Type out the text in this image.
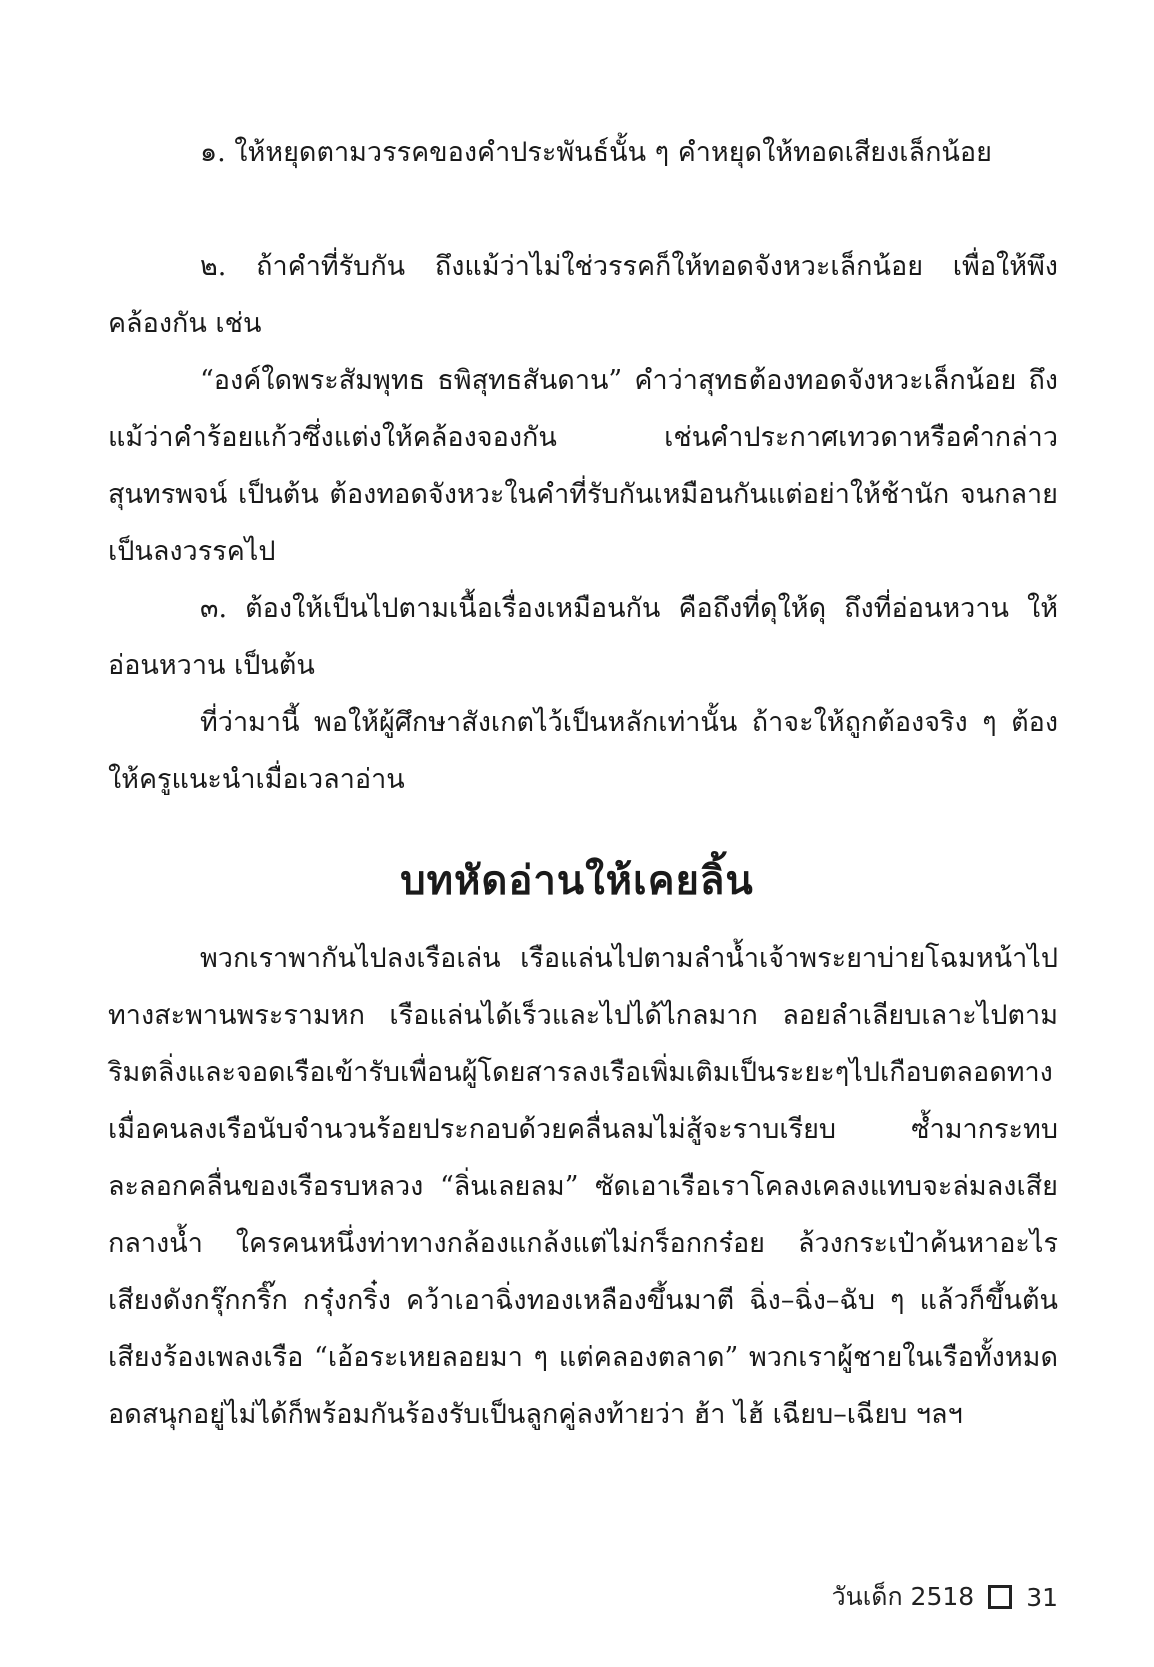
๑. ให้หยุดตามวรรคของคำประพันธ์นั้น ๆ คำหยุดให้ทอดเสียงเล็กน้อย

๒. ถ้าคำที่รับกัน ถึงแม้ว่าไม่ใช่วรรคก็ให้ทอดจังหวะเล็กน้อย เพื่อให้พึงคล้องกัน เช่น

“องค์ใดพระสัมพุทธ ธพิสุทธสันดาน” คำว่าสุทธต้องทอดจังหวะเล็กน้อย ถึงแม้ว่าคำร้อยแก้วซึ่งแต่งให้คล้องจองกัน เช่นคำประกาศเทวดาหรือคำกล่าวสุนทรพจน์ เป็นต้น ต้องทอดจังหวะในคำที่รับกันเหมือนกันแต่อย่าให้ช้านัก จนกลายเป็นลงวรรคไป

๓. ต้องให้เป็นไปตามเนื้อเรื่องเหมือนกัน คือถึงที่ดุให้ดุ ถึงที่อ่อนหวาน ให้อ่อนหวาน เป็นต้น

ที่ว่ามานี้ พอให้ผู้ศึกษาสังเกตไว้เป็นหลักเท่านั้น ถ้าจะให้ถูกต้องจริง ๆ ต้องให้ครูแนะนำเมื่อเวลาอ่าน

บทหัดอ่านให้เคยลิ้น

พวกเราพากันไปลงเรือเล่น เรือแล่นไปตามลำน้ำเจ้าพระยาบ่ายโฉมหน้าไปทางสะพานพระรามหก เรือแล่นได้เร็วและไปได้ไกลมาก ลอยลำเลียบเลาะไปตามริมตลิ่งและจอดเรือเข้ารับเพื่อนผู้โดยสารลงเรือเพิ่มเติมเป็นระยะๆไปเกือบตลอดทาง เมื่อคนลงเรือนับจำนวนร้อยประกอบด้วยคลื่นลมไม่สู้จะราบเรียบ ซ้ำมากระทบละลอกคลื่นของเรือรบหลวง “ลิ่นเลยลม” ซัดเอาเรือเราโคลงเคลงแทบจะล่มลงเสียกลางน้ำ ใครคนหนึ่งท่าทางกล้องแกล้งแต่ไม่กร็อกกร๋อย ล้วงกระเป๋าค้นหาอะไรเสียงดังกรุ๊กกริ๊ก กรุ๋งกริ๋ง คว้าเอาฉิ่งทองเหลืองขึ้นมาตี ฉิ่ง–ฉิ่ง–ฉับ ๆ แล้วก็ขึ้นต้นเสียงร้องเพลงเรือ “เอ้อระเหยลอยมา ๆ แต่คลองตลาด” พวกเราผู้ชายในเรือทั้งหมดอดสนุกอยู่ไม่ได้ก็พร้อมกันร้องรับเป็นลูกคู่ลงท้ายว่า ฮ้า ไฮ้ เฉียบ–เฉียบ ฯลฯ

วันเด็ก 2518 31
